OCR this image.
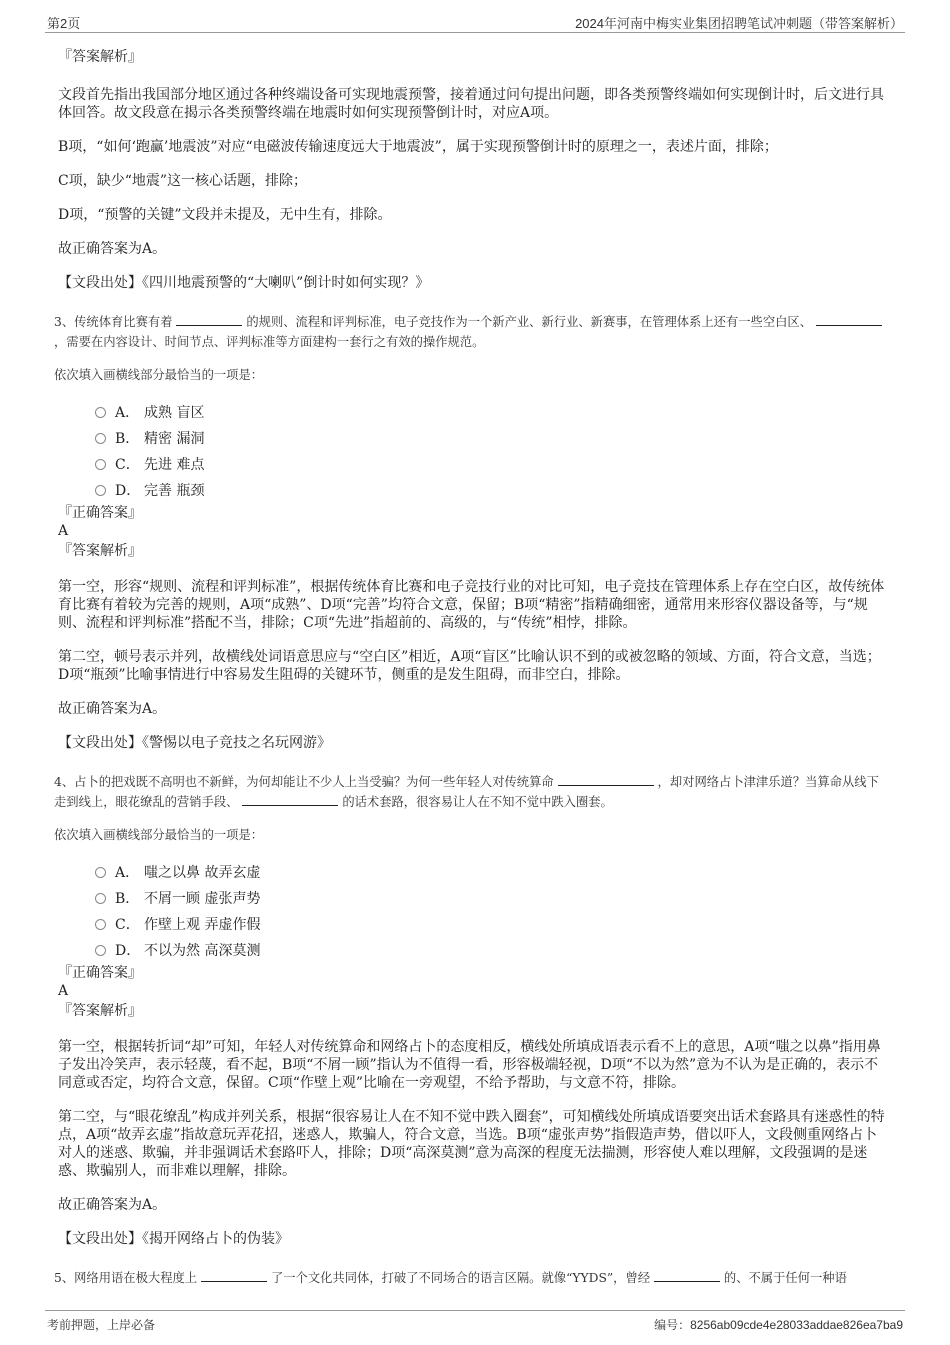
第2页	2024年河南中梅实业集团招聘笔试冲刺题（带答案解析）

『答案解析』

文段首先指出我国部分地区通过各种终端设备可实现地震预警，接着通过问句提出问题，即各类预警终端如何实现倒计时，后文进行具体回答。故文段意在揭示各类预警终端在地震时如何实现预警倒计时，对应A项。

B项，“如何‘跑赢’地震波”对应“电磁波传输速度远大于地震波”，属于实现预警倒计时的原理之一，表述片面，排除；

C项，缺少“地震”这一核心话题，排除；

D项，“预警的关键”文段并未提及，无中生有，排除。

故正确答案为A。

【文段出处】《四川地震预警的“大喇叭”倒计时如何实现？》

3、传统体育比赛有着	的规则、流程和评判标准，电子竞技作为一个新产业、新行业、新赛事，在管理体系上还有一些空白区、  ，需要在内容设计、时间节点、评判标准等方面建构一套行之有效的操作规范。

依次填入画横线部分最恰当的一项是：

A． 成熟 盲区

B． 精密 漏洞

C． 先进 难点

D． 完善 瓶颈

『正确答案』

A

『答案解析』

第一空，形容“规则、流程和评判标准”，根据传统体育比赛和电子竞技行业的对比可知，电子竞技在管理体系上存在空白区，故传统体育比赛有着较为完善的规则，A项“成熟”、D项“完善”均符合文意，保留；B项“精密”指精确细密，通常用来形容仪器设备等，与“规则、流程和评判标准”搭配不当，排除；C项“先进”指超前的、高级的，与“传统”相悖，排除。

第二空，顿号表示并列，故横线处词语意思应与“空白区”相近，A项“盲区”比喻认识不到的或被忽略的领域、方面，符合文意，当选；D项“瓶颈”比喻事情进行中容易发生阻碍的关键环节，侧重的是发生阻碍，而非空白，排除。

故正确答案为A。

【文段出处】《警惕以电子竞技之名玩网游》

4、占卜的把戏既不高明也不新鲜，为何却能让不少人上当受骗？为何一些年轻人对传统算命	，却对网络占卜津津乐道？当算命从线下走到线上，眼花缭乱的营销手段、	的话术套路，很容易让人在不知不觉中跌入圈套。

依次填入画横线部分最恰当的一项是：

A． 嗤之以鼻 故弄玄虚

B． 不屑一顾 虚张声势

C． 作壁上观 弄虚作假

D． 不以为然 高深莫测

『正确答案』

A

『答案解析』

第一空，根据转折词“却”可知，年轻人对传统算命和网络占卜的态度相反，横线处所填成语表示看不上的意思，A项“嗤之以鼻”指用鼻子发出冷笑声，表示轻蔑，看不起，B项“不屑一顾”指认为不值得一看，形容极端轻视，D项“不以为然”意为不认为是正确的，表示不同意或否定，均符合文意，保留。C项“作壁上观”比喻在一旁观望，不给予帮助，与文意不符，排除。

第二空，与“眼花缭乱”构成并列关系，根据“很容易让人在不知不觉中跌入圈套”，可知横线处所填成语要突出话术套路具有迷惑性的特点，A项“故弄玄虚”指故意玩弄花招，迷惑人，欺骗人，符合文意，当选。B项“虚张声势”指假造声势，借以吓人，文段侧重网络占卜对人的迷惑、欺骗，并非强调话术套路吓人，排除；D项“高深莫测”意为高深的程度无法揣测，形容使人难以理解，文段强调的是迷惑、欺骗别人，而非难以理解，排除。

故正确答案为A。

【文段出处】《揭开网络占卜的伪装》

5、网络用语在极大程度上	了一个文化共同体，打破了不同场合的语言区隔。就像“YYDS”，曾经	的、不属于任何一种语

考前押题，上岸必备	编号：8256ab09cde4e28033addae826ea7ba9
